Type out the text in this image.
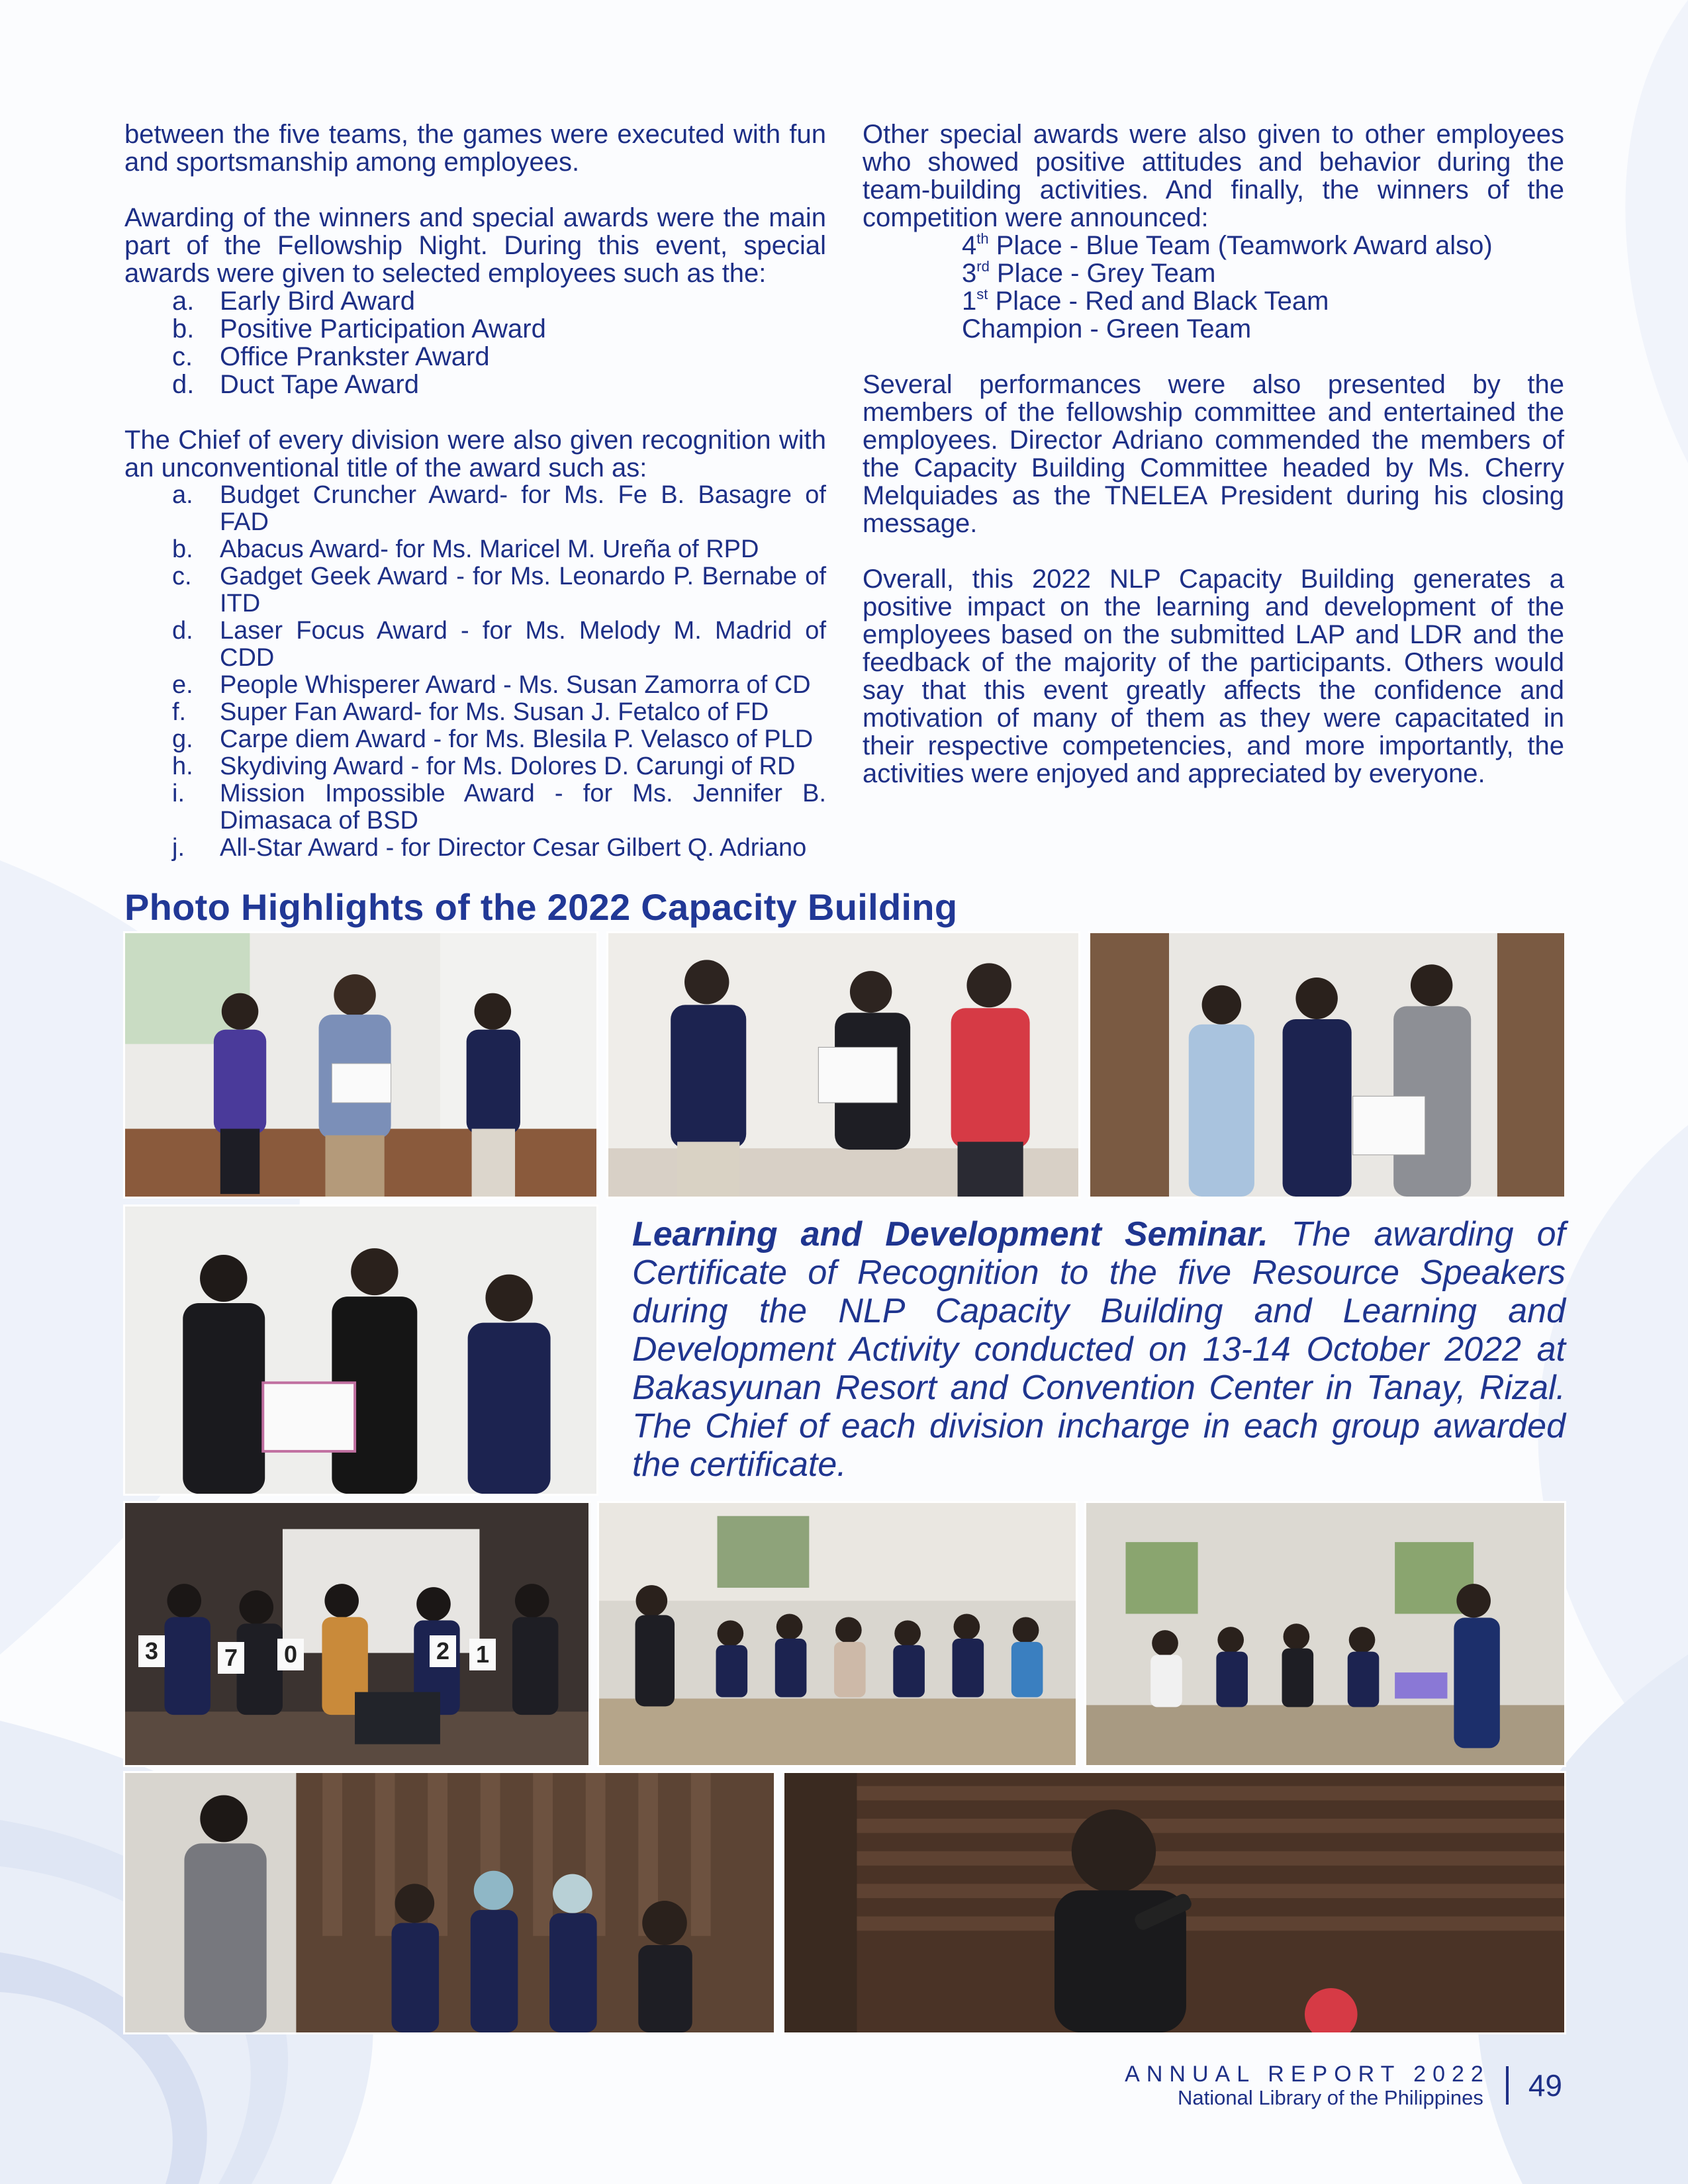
between the five teams, the games were executed with fun and sportsmanship among employees.

Awarding of the winners and special awards were the main part of the Fellowship Night. During this event, special awards were given to selected employees such as the:

a. Early Bird Award
b. Positive Participation Award
c.	Office Prankster Award
d. Duct Tape Award

The Chief of every division were also given recognition with an unconventional title of the award such as:

a.	Budget Cruncher Award- for Ms. Fe B. Basagre of FAD
b.	Abacus Award- for Ms. Maricel M. Ureña of RPD
c.	Gadget Geek Award - for Ms. Leonardo P. Bernabe of ITD
d.	Laser Focus Award - for Ms. Melody M. Madrid of CDD
e.	People Whisperer Award - Ms. Susan Zamorra of CD
f.	Super Fan Award- for Ms. Susan J. Fetalco of FD
g.	Carpe diem Award - for Ms. Blesila P. Velasco of PLD
h.	Skydiving Award - for Ms. Dolores D. Carungi of RD
i.	Mission Impossible Award - for Ms. Jennifer B. Dimasaca of BSD
j.	All-Star Award - for Director Cesar Gilbert Q. Adriano

Other special awards were also given to other employees who showed positive attitudes and behavior during the team-building activities. And finally, the winners of the competition were announced:

4th Place - Blue Team (Teamwork Award also)
3rd Place - Grey Team
1st Place - Red and Black Team
Champion - Green Team

Several performances were also presented by the members of the fellowship committee and entertained the employees. Director Adriano commended the members of the Capacity Building Committee headed by Ms. Cherry Melquiades as the TNELEA President during his closing message.

Overall, this 2022 NLP Capacity Building generates a positive impact on the learning and development of the employees based on the submitted LAP and LDR and the feedback of the majority of the participants. Others would say that this event greatly affects the confidence and motivation of many of them as they were capacitated in their respective competencies, and more importantly, the activities were enjoyed and appreciated by everyone.

Photo Highlights of the 2022 Capacity Building

Learning and Development Seminar. The awarding of Certificate of Recognition to the five Resource Speakers during the NLP Capacity Building and Learning and Development Activity conducted on 13-14 October 2022 at Bakasyunan Resort and Convention Center in Tanay, Rizal. The Chief of each division incharge in each group awarded the certificate.

3	7 0	2 1
ANNUAL REPORT 2022
National Library of the Philippines 49
